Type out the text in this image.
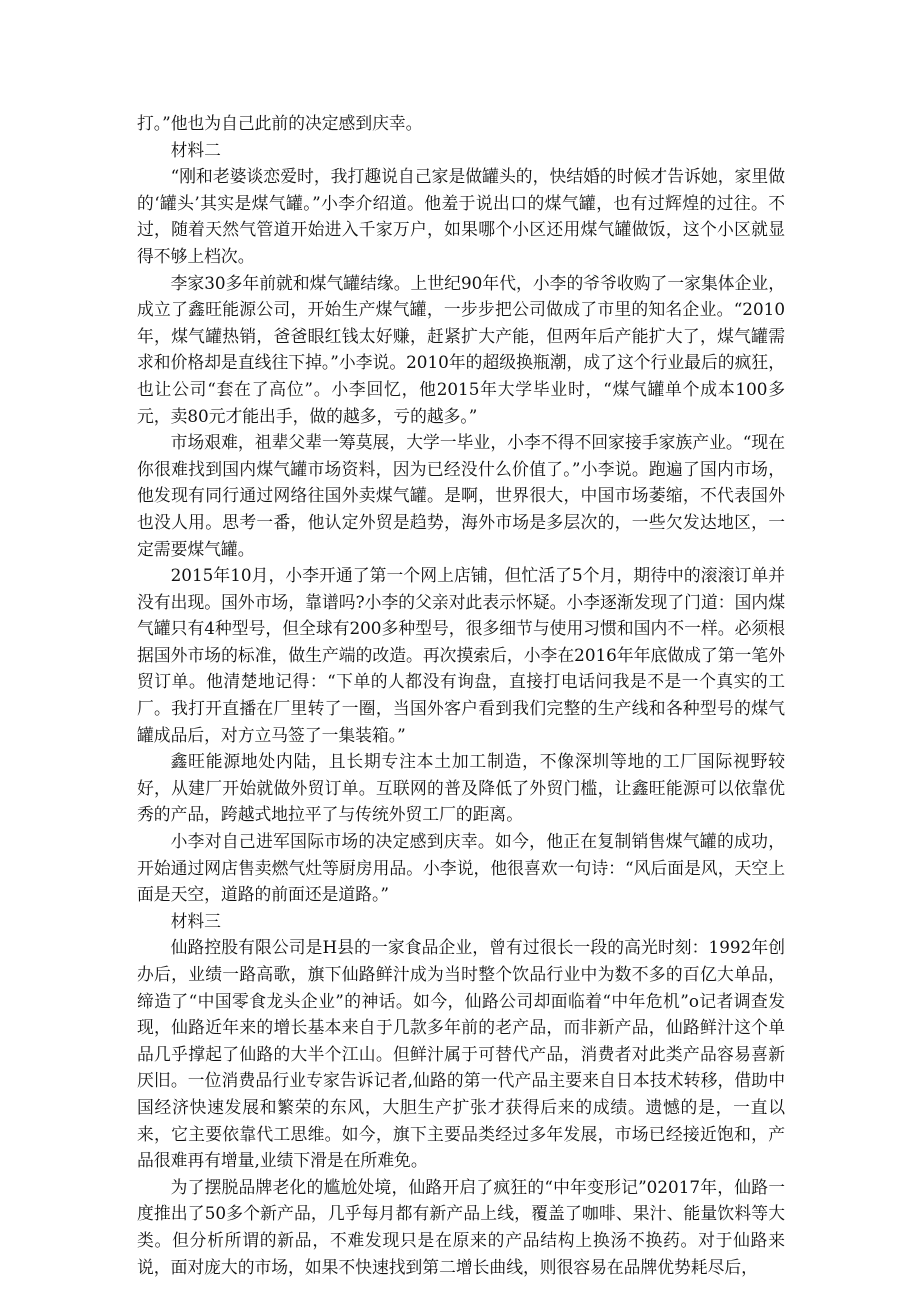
打。”他也为自己此前的决定感到庆幸。

材料二

“刚和老婆谈恋爱时，我打趣说自己家是做罐头的，快结婚的时候才告诉她，家里做的‘罐头’其实是煤气罐。”小李介绍道。他羞于说出口的煤气罐，也有过辉煌的过往。不过，随着天然气管道开始进入千家万户，如果哪个小区还用煤气罐做饭，这个小区就显得不够上档次。

李家30多年前就和煤气罐结缘。上世纪90年代，小李的爷爷收购了一家集体企业，成立了鑫旺能源公司，开始生产煤气罐，一步步把公司做成了市里的知名企业。“2010年，煤气罐热销，爸爸眼红钱太好赚，赶紧扩大产能，但两年后产能扩大了，煤气罐需求和价格却是直线往下掉。”小李说。2010年的超级换瓶潮，成了这个行业最后的疯狂，也让公司“套在了高位”。小李回忆，他2015年大学毕业时，“煤气罐单个成本100多元，卖80元才能出手，做的越多，亏的越多。”

市场艰难，祖辈父辈一筹莫展，大学一毕业，小李不得不回家接手家族产业。“现在你很难找到国内煤气罐市场资料，因为已经没什么价值了。”小李说。跑遍了国内市场，他发现有同行通过网络往国外卖煤气罐。是啊，世界很大，中国市场萎缩，不代表国外也没人用。思考一番，他认定外贸是趋势，海外市场是多层次的，一些欠发达地区，一定需要煤气罐。

2015年10月，小李开通了第一个网上店铺，但忙活了5个月，期待中的滚滚订单并没有出现。国外市场，靠谱吗?小李的父亲对此表示怀疑。小李逐渐发现了门道：国内煤气罐只有4种型号，但全球有200多种型号，很多细节与使用习惯和国内不一样。必须根据国外市场的标准，做生产端的改造。再次摸索后，小李在2016年年底做成了第一笔外贸订单。他清楚地记得：“下单的人都没有询盘，直接打电话问我是不是一个真实的工厂。我打开直播在厂里转了一圈，当国外客户看到我们完整的生产线和各种型号的煤气罐成品后，对方立马签了一集装箱。”

鑫旺能源地处内陆，且长期专注本土加工制造，不像深圳等地的工厂国际视野较好，从建厂开始就做外贸订单。互联网的普及降低了外贸门槛，让鑫旺能源可以依靠优秀的产品，跨越式地拉平了与传统外贸工厂的距离。

小李对自己进军国际市场的决定感到庆幸。如今，他正在复制销售煤气罐的成功，开始通过网店售卖燃气灶等厨房用品。小李说，他很喜欢一句诗：“风后面是风，天空上面是天空，道路的前面还是道路。”

材料三

仙路控股有限公司是H县的一家食品企业，曾有过很长一段的高光时刻：1992年创办后，业绩一路高歌，旗下仙路鲜汁成为当时整个饮品行业中为数不多的百亿大单品，缔造了“中国零食龙头企业”的神话。如今，仙路公司却面临着“中年危机”o记者调查发现，仙路近年来的增长基本来自于几款多年前的老产品，而非新产品，仙路鲜汁这个单品几乎撑起了仙路的大半个江山。但鲜汁属于可替代产品，消费者对此类产品容易喜新厌旧。一位消费品行业专家告诉记者,仙路的第一代产品主要来自日本技术转移，借助中国经济快速发展和繁荣的东风，大胆生产扩张才获得后来的成绩。遗憾的是，一直以来，它主要依靠代工思维。如今，旗下主要品类经过多年发展，市场已经接近饱和，产品很难再有增量,业绩下滑是在所难免。

为了摆脱品牌老化的尴尬处境，仙路开启了疯狂的“中年变形记”02017年，仙路一度推出了50多个新产品，几乎每月都有新产品上线，覆盖了咖啡、果汁、能量饮料等大类。但分析所谓的新品，不难发现只是在原来的产品结构上换汤不换药。对于仙路来说，面对庞大的市场，如果不快速找到第二增长曲线，则很容易在品牌优势耗尽后，
